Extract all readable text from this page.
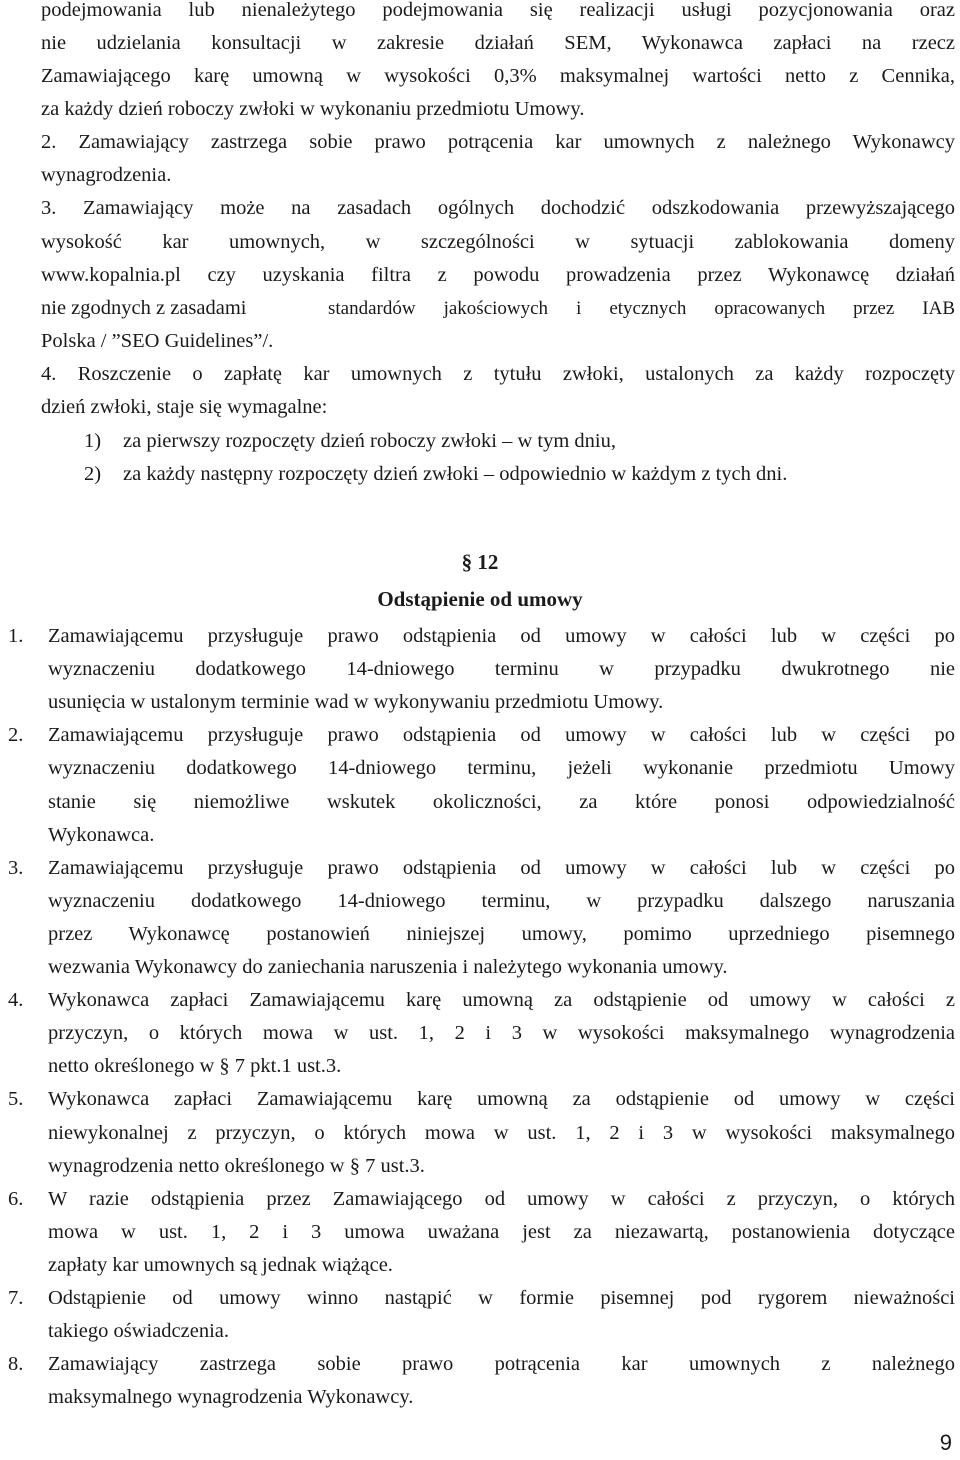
podejmowania lub nienależytego podejmowania się realizacji usługi pozycjonowania oraz
nie udzielania konsultacji w zakresie działań SEM, Wykonawca zapłaci na rzecz
Zamawiającego karę umowną w wysokości 0,3% maksymalnej wartości netto z Cennika,
za każdy dzień roboczy zwłoki w wykonaniu przedmiotu Umowy.
2. Zamawiający zastrzega sobie prawo potrącenia kar umownych z należnego Wykonawcy
wynagrodzenia.
3. Zamawiający może na zasadach ogólnych dochodzić odszkodowania przewyższającego
wysokość kar umownych, w szczególności w sytuacji zablokowania domeny
www.kopalnia.pl czy uzyskania filtra z powodu prowadzenia przez Wykonawcę działań
nie zgodnych z zasadami	standardów jakościowych i etycznych opracowanych przez IAB
Polska / ”SEO Guidelines”/.
4. Roszczenie o zapłatę kar umownych z tytułu zwłoki, ustalonych za każdy rozpoczęty
dzień zwłoki, staje się wymagalne:
1) za pierwszy rozpoczęty dzień roboczy zwłoki – w tym dniu,
2) za każdy następny rozpoczęty dzień zwłoki – odpowiednio w każdym z tych dni.
§ 12
Odstąpienie od umowy
1. Zamawiającemu przysługuje prawo odstąpienia od umowy w całości lub w części po
wyznaczeniu dodatkowego 14-dniowego terminu w przypadku dwukrotnego nie
usunięcia w ustalonym terminie wad w wykonywaniu przedmiotu Umowy.
2. Zamawiającemu przysługuje prawo odstąpienia od umowy w całości lub w części po
wyznaczeniu dodatkowego 14-dniowego terminu, jeżeli wykonanie przedmiotu Umowy
stanie się niemożliwe wskutek okoliczności, za które ponosi odpowiedzialność
Wykonawca.
3. Zamawiającemu przysługuje prawo odstąpienia od umowy w całości lub w części po
wyznaczeniu dodatkowego 14-dniowego terminu, w przypadku dalszego naruszania
przez Wykonawcę postanowień niniejszej umowy, pomimo uprzedniego pisemnego
wezwania Wykonawcy do zaniechania naruszenia i należytego wykonania umowy.
4. Wykonawca zapłaci Zamawiającemu karę umowną za odstąpienie od umowy w całości z
przyczyn, o których mowa w ust. 1, 2 i 3 w wysokości maksymalnego wynagrodzenia
netto określonego w § 7 pkt.1 ust.3.
5. Wykonawca zapłaci Zamawiającemu karę umowną za odstąpienie od umowy w części
niewykonalnej z przyczyn, o których mowa w ust. 1, 2 i 3 w wysokości maksymalnego
wynagrodzenia netto określonego w § 7 ust.3.
6. W razie odstąpienia przez Zamawiającego od umowy w całości z przyczyn, o których
mowa w ust. 1, 2 i 3 umowa uważana jest za niezawartą, postanowienia dotyczące
zapłaty kar umownych są jednak wiążące.
7. Odstąpienie od umowy winno nastąpić w formie pisemnej pod rygorem nieważności
takiego oświadczenia.
8. Zamawiający zastrzega sobie prawo potrącenia kar umownych z należnego
maksymalnego wynagrodzenia Wykonawcy.
9
